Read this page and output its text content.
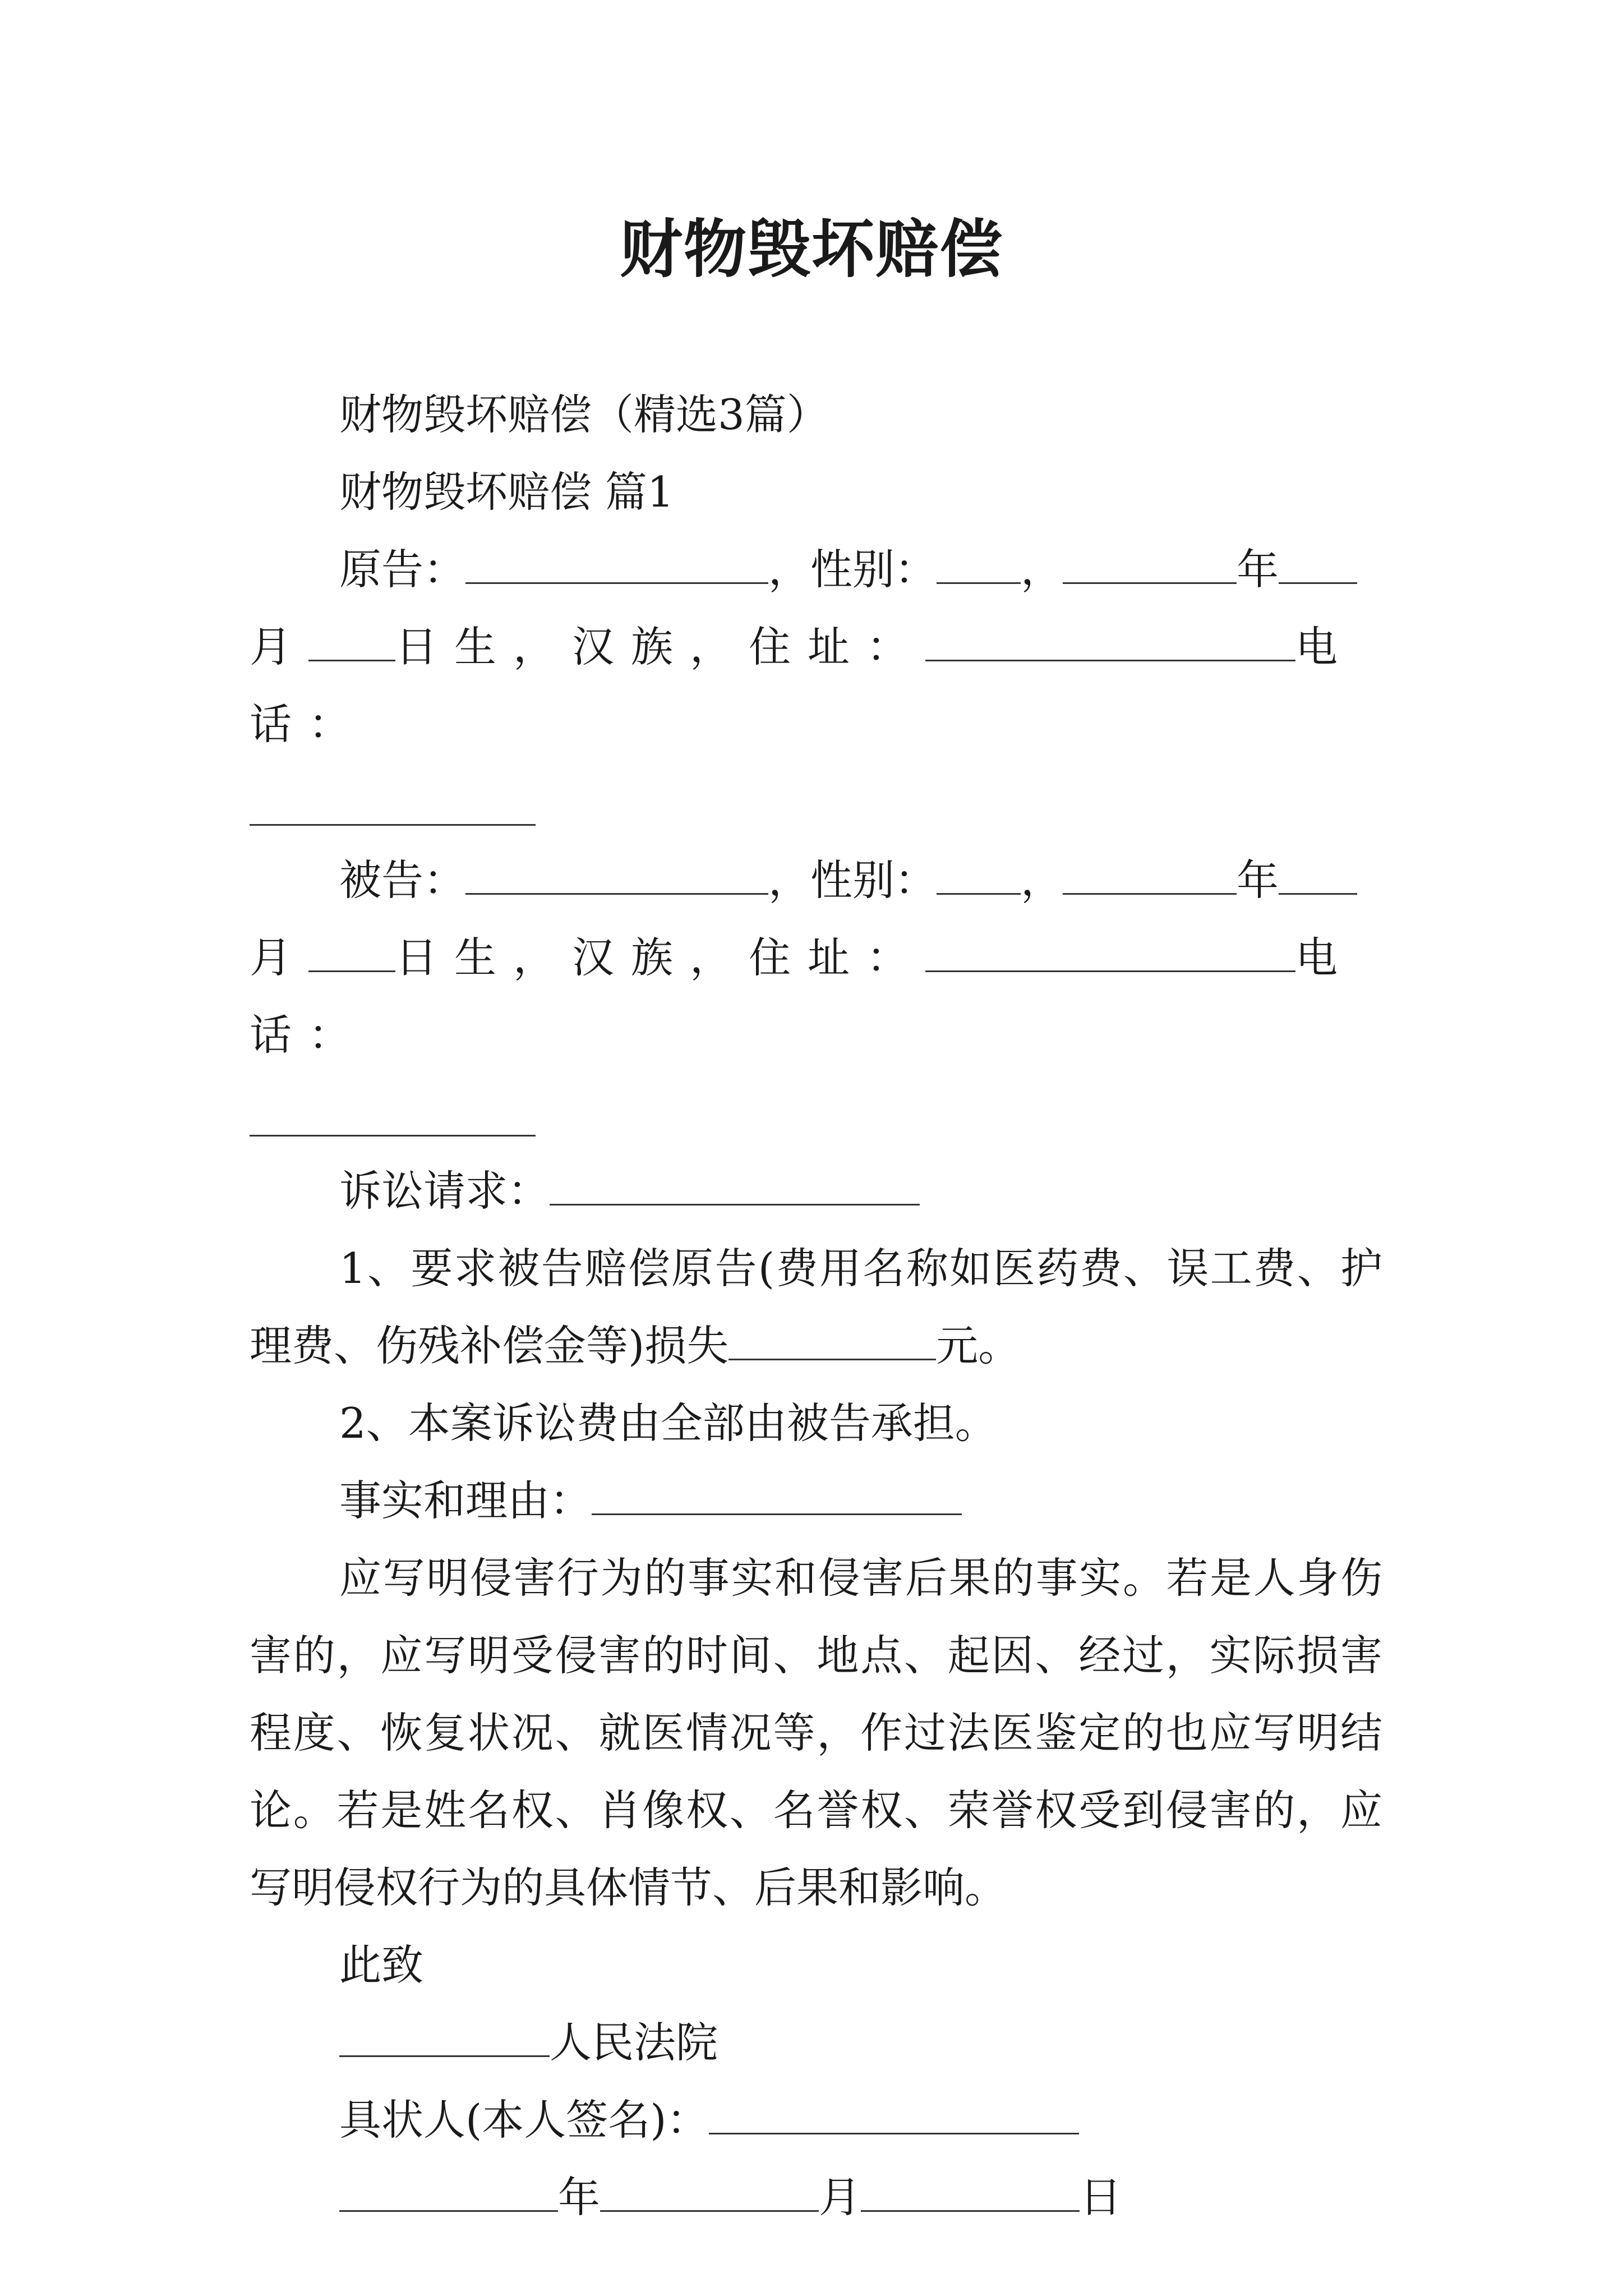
财物毁坏赔偿

财物毁坏赔偿（精选3篇）

财物毁坏赔偿 篇1

原告：	，性别： ，	年

月 日生，汉族，住址：	电话：

被告：	，性别： ，	年

月 日生，汉族，住址：	电话：

诉讼请求：

1、要求被告赔偿原告(费用名称如医药费、误工费、护理费、伤残补偿金等)损失	元。

2、本案诉讼费由全部由被告承担。

事实和理由：

应写明侵害行为的事实和侵害后果的事实。若是人身伤害的，应写明受侵害的时间、地点、起因、经过，实际损害程度、恢复状况、就医情况等，作过法医鉴定的也应写明结论。若是姓名权、肖像权、名誉权、荣誉权受到侵害的，应写明侵权行为的具体情节、后果和影响。

此致

人民法院

具状人(本人签名)：

年	月	日
